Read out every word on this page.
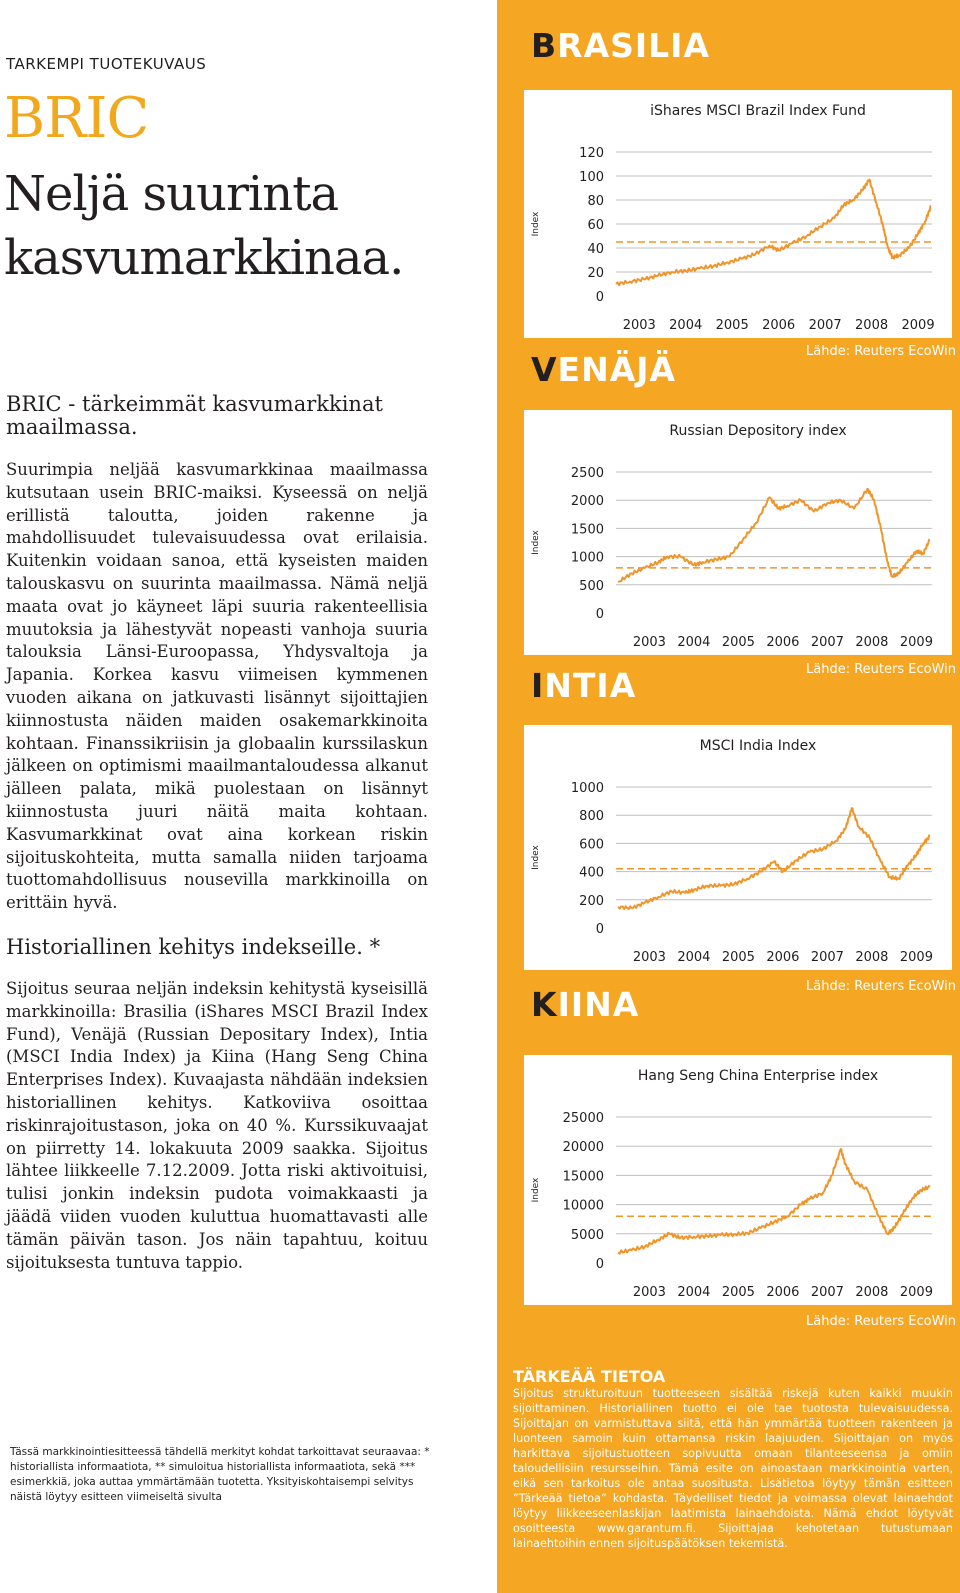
TARKEMPI TUOTEKUVAUS
BRIC
Neljä suurinta kasvumarkkinaa.
BRIC - tärkeimmät kasvumarkkinat maailmassa.
Suurimpia neljää kasvumarkkinaa maailmassa kutsutaan usein BRIC-maiksi. Kyseessä on neljä erillistä taloutta, joiden rakenne ja mahdollisuudet tulevaisuudessa ovat erilaisia. Kuitenkin voidaan sanoa, että kyseisten maiden talouskasvu on suurinta maailmassa. Nämä neljä maata ovat jo käyneet läpi suuria rakenteellisia muutoksia ja lähestyvät nopeasti vanhoja suuria talouksia Länsi-Euroopassa, Yhdysvaltoja ja Japania. Korkea kasvu viimeisen kymmenen vuoden aikana on jatkuvasti lisännyt sijoittajien kiinnostusta näiden maiden osakemarkkinoita kohtaan. Finanssikriisin ja globaalin kurssilaskun jälkeen on optimismi maailmantaloudessa alkanut jälleen palata, mikä puolestaan on lisännyt kiinnostusta juuri näitä maita kohtaan. Kasvumarkkinat ovat aina korkean riskin sijoituskohteita, mutta samalla niiden tarjoama tuottomahdollisuus nousevilla markkinoilla on erittäin hyvä.
Historiallinen kehitys indekseille. *
Sijoitus seuraa neljän indeksin kehitystä kyseisillä markkinoilla: Brasilia (iShares MSCI Brazil Index Fund), Venäjä (Russian Depositary Index), Intia (MSCI India Index) ja Kiina (Hang Seng China Enterprises Index). Kuvaajasta nähdään indeksien historiallinen kehitys. Katkoviiva osoittaa riskinrajoitustason, joka on 40 %. Kurssikuvaajat on piirretty 14. lokakuuta 2009 saakka. Sijoitus lähtee liikkeelle 7.12.2009. Jotta riski aktivoituisi, tulisi jonkin indeksin pudota voimakkaasti ja jäädä viiden vuoden kuluttua huomattavasti alle tämän päivän tason. Jos näin tapahtuu, koituu sijoituksesta tuntuva tappio.
Tässä markkinointiesitteessä tähdellä merkityt kohdat tarkoittavat seuraavaa: * historiallista informaatiota, ** simuloitua historiallista informaatiota, sekä *** esimerkkiä, joka auttaa ymmärtämään tuotetta. Yksityiskohtaisempi selvitys näistä löytyy esitteen viimeiseltä sivulta
BRASILIA
iShares MSCI Brazil Index Fund
0
20
40
60
80
100
120
2003 2004 2005 2006 2007 2008 2009
Index
Lähde: Reuters EcoWin
VENÄJÄ
Russian Depository index
0
500
1000
1500
2000
2500
2003 2004 2005 2006 2007 2008 2009
Index
Lähde: Reuters EcoWin
INTIA
MSCI India Index
0
200
400
600
800
1000
2003 2004 2005 2006 2007 2008 2009
Index
Lähde: Reuters EcoWin
KIINA
Hang Seng China Enterprise index
0
5000
10000
15000
20000
25000
2003 2004 2005 2006 2007 2008 2009
Index
Lähde: Reuters EcoWin
TÄRKEÄÄ TIETOA
Sijoitus strukturoituun tuotteeseen sisältää riskejä kuten kaikki muukin sijoittaminen. Historiallinen tuotto ei ole tae tuotosta tulevaisuudessa. Sijoittajan on varmistuttava siitä, että hän ymmärtää tuotteen rakenteen ja luonteen samoin kuin ottamansa riskin laajuuden. Sijoittajan on myös harkittava sijoitustuotteen sopivuutta omaan tilanteeseensa ja omiin taloudellisiin resursseihin. Tämä esite on ainoastaan markkinointia varten, eikä sen tarkoitus ole antaa suositusta. Lisätietoa löytyy tämän esitteen ”Tärkeää tietoa” kohdasta. Täydelliset tiedot ja voimassa olevat lainaehdot löytyy liikkeeseenlaskijan laatimista lainaehdoista. Nämä ehdot löytyvät osoitteesta www.garantum.fi. Sijoittajaa kehotetaan tutustumaan lainaehtoihin ennen sijoituspäätöksen tekemistä.
